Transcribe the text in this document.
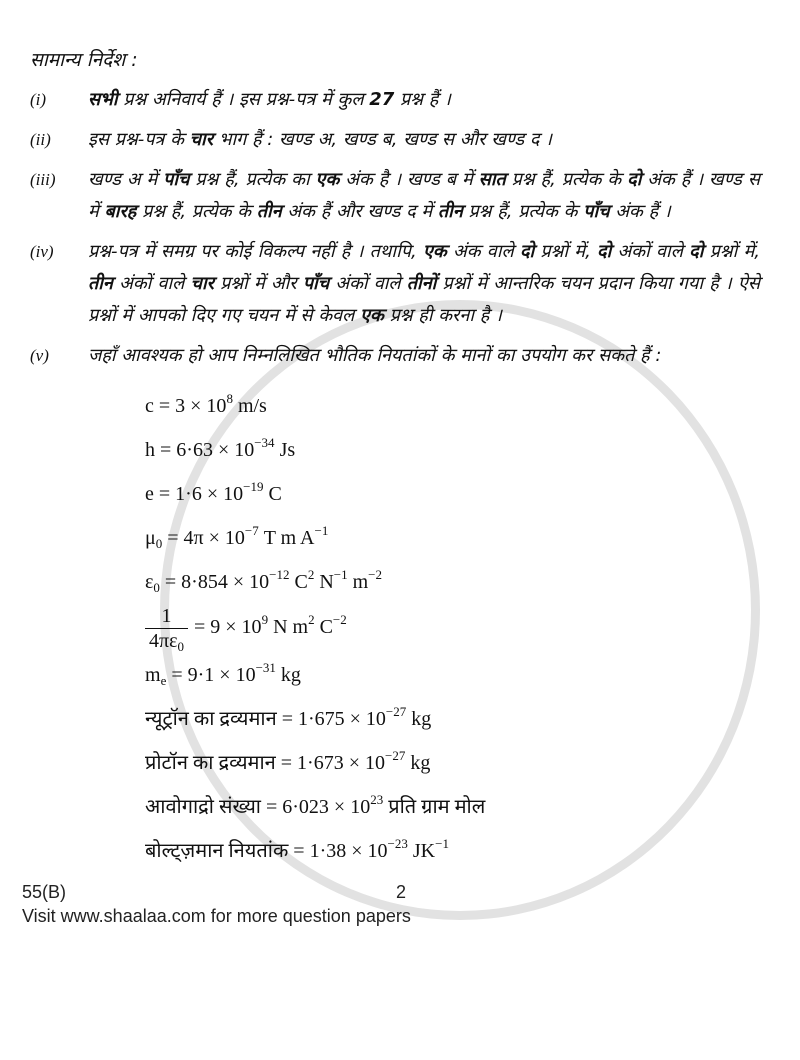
सामान्य निर्देश :
(i) सभी प्रश्न अनिवार्य हैं । इस प्रश्न-पत्र में कुल 27 प्रश्न हैं ।
(ii) इस प्रश्न-पत्र के चार भाग हैं : खण्ड अ, खण्ड ब, खण्ड स और खण्ड द ।
(iii) खण्ड अ में पाँच प्रश्न हैं, प्रत्येक का एक अंक है । खण्ड ब में सात प्रश्न हैं, प्रत्येक के दो अंक हैं । खण्ड स में बारह प्रश्न हैं, प्रत्येक के तीन अंक हैं और खण्ड द में तीन प्रश्न हैं, प्रत्येक के पाँच अंक हैं ।
(iv) प्रश्न-पत्र में समग्र पर कोई विकल्प नहीं है । तथापि, एक अंक वाले दो प्रश्नों में, दो अंकों वाले दो प्रश्नों में, तीन अंकों वाले चार प्रश्नों में और पाँच अंकों वाले तीनों प्रश्नों में आन्तरिक चयन प्रदान किया गया है । ऐसे प्रश्नों में आपको दिए गए चयन में से केवल एक प्रश्न ही करना है ।
(v) जहाँ आवश्यक हो आप निम्नलिखित भौतिक नियतांकों के मानों का उपयोग कर सकते हैं :
$c = 3 \times 10^8$ m/s
$h = 6\cdot 63 \times 10^{-34}$ Js
$e = 1\cdot 6 \times 10^{-19}$ C
$\mu_0 = 4\pi \times 10^{-7}$ T m $A^{-1}$
$\varepsilon_0 = 8\cdot 854 \times 10^{-12}$ $C^2$ $N^{-1}$ $m^{-2}$
$\frac{1}{4\pi\varepsilon_0} = 9 \times 10^9$ N $m^2$ $C^{-2}$
$m_e = 9\cdot 1 \times 10^{-31}$ kg
न्यूट्रॉन का द्रव्यमान = $1\cdot 675 \times 10^{-27}$ kg
प्रोटॉन का द्रव्यमान = $1\cdot 673 \times 10^{-27}$ kg
आवोगाद्रो संख्या = $6\cdot 023 \times 10^{23}$ प्रति ग्राम मोल
बोल्ट्ज़मान नियतांक = $1\cdot 38 \times 10^{-23}$ $JK^{-1}$
55(B)	2
Visit www.shaalaa.com for more question papers
